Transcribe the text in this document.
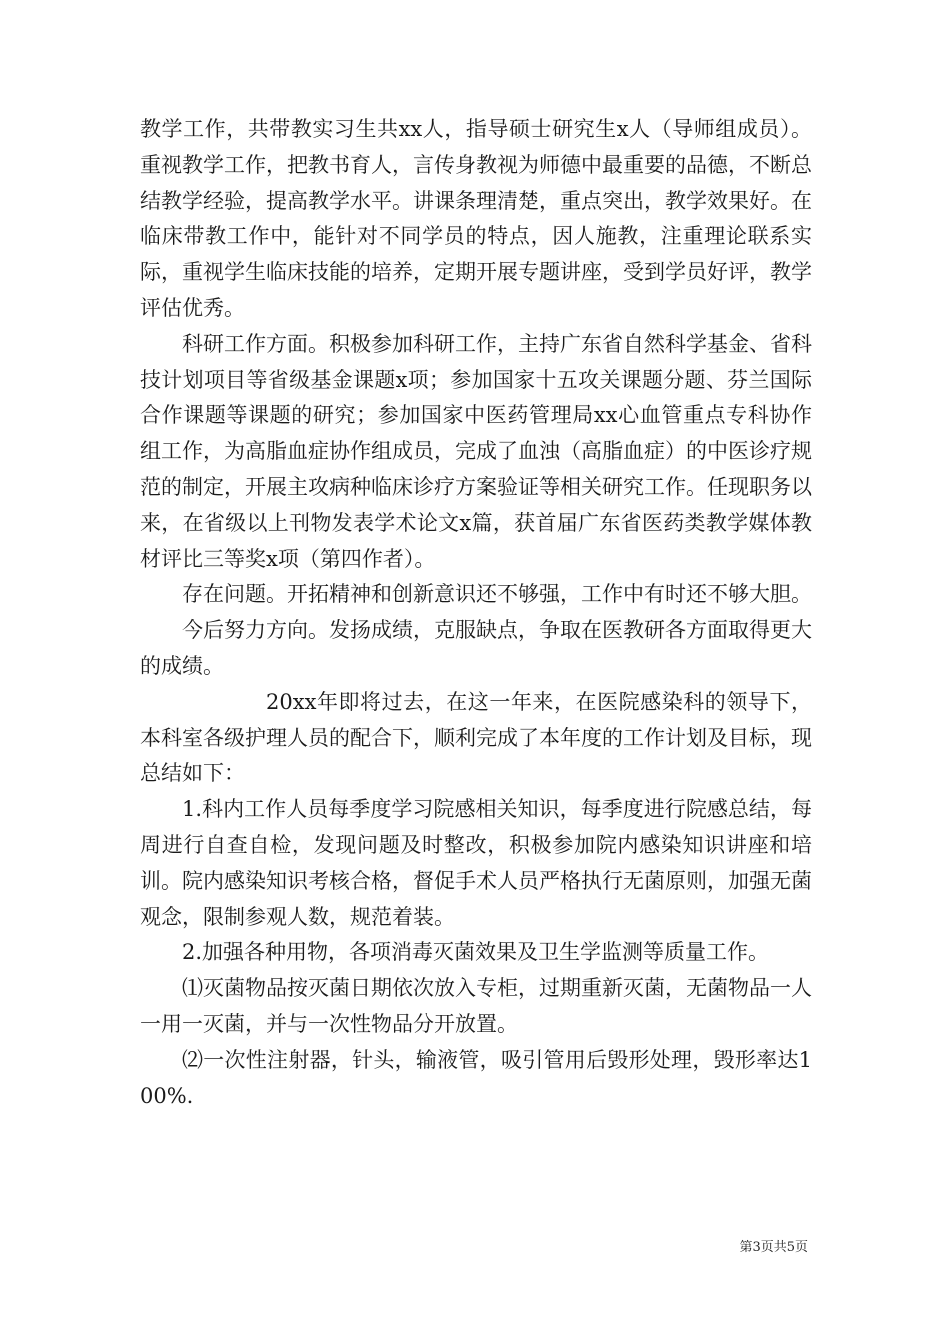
教学工作，共带教实习生共xx人，指导硕士研究生x人（导师组成员）。重视教学工作，把教书育人，言传身教视为师德中最重要的品德，不断总结教学经验，提高教学水平。讲课条理清楚，重点突出，教学效果好。在临床带教工作中，能针对不同学员的特点，因人施教，注重理论联系实际，重视学生临床技能的培养，定期开展专题讲座，受到学员好评，教学评估优秀。

科研工作方面。积极参加科研工作，主持广东省自然科学基金、省科技计划项目等省级基金课题x项；参加国家十五攻关课题分题、芬兰国际合作课题等课题的研究；参加国家中医药管理局xx心血管重点专科协作组工作，为高脂血症协作组成员，完成了血浊（高脂血症）的中医诊疗规范的制定，开展主攻病种临床诊疗方案验证等相关研究工作。任现职务以来，在省级以上刊物发表学术论文x篇，获首届广东省医药类教学媒体教材评比三等奖x项（第四作者）。

存在问题。开拓精神和创新意识还不够强，工作中有时还不够大胆。

今后努力方向。发扬成绩，克服缺点，争取在医教研各方面取得更大的成绩。

20xx年即将过去，在这一年来，在医院感染科的领导下，本科室各级护理人员的配合下，顺利完成了本年度的工作计划及目标，现总结如下：

1.科内工作人员每季度学习院感相关知识，每季度进行院感总结，每周进行自查自检，发现问题及时整改，积极参加院内感染知识讲座和培训。院内感染知识考核合格，督促手术人员严格执行无菌原则，加强无菌观念，限制参观人数，规范着装。

2.加强各种用物，各项消毒灭菌效果及卫生学监测等质量工作。

⑴灭菌物品按灭菌日期依次放入专柜，过期重新灭菌，无菌物品一人一用一灭菌，并与一次性物品分开放置。

⑵一次性注射器，针头，输液管，吸引管用后毁形处理，毁形率达100%.

第3页共5页
